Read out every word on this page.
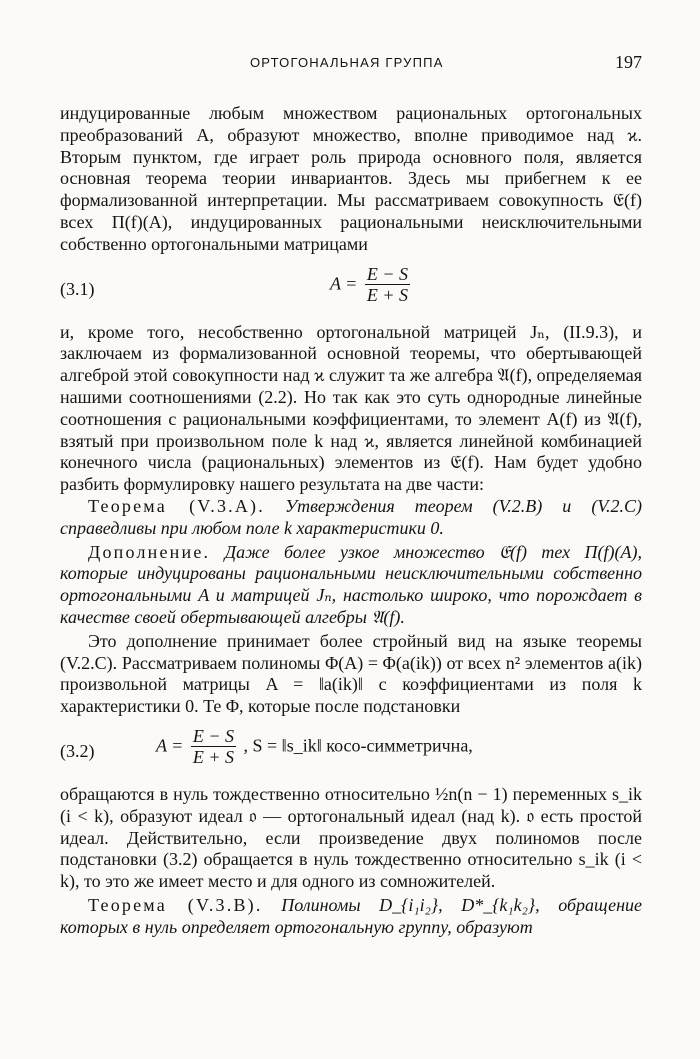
ОРТОГОНАЛЬНАЯ ГРУППА	197

индуцированные любым множеством рациональных ортогональных преобразований A, образуют множество, вполне приводимое над ϰ. Вторым пунктом, где играет роль природа основного поля, является основная теорема теории инвариантов. Здесь мы прибегнем к ее формализованной интерпретации. Мы рассматриваем совокупность 𝔈(f) всех Π(f)(A), индуцированных рациональными неисключительными собственно ортогональными матрицами

(3.1)	$A = \frac{E - S}{E + S}$

и, кроме того, несобственно ортогональной матрицей Jₙ, (II.9.3), и заключаем из формализованной основной теоремы, что обертывающей алгеброй этой совокупности над ϰ служит та же алгебра 𝔄(f), определяемая нашими соотношениями (2.2). Но так как это суть однородные линейные соотношения с рациональными коэффициентами, то элемент A(f) из 𝔄(f), взятый при произвольном поле k над ϰ, является линейной комбинацией конечного числа (рациональных) элементов из 𝔈(f). Нам будет удобно разбить формулировку нашего результата на две части:

Теорема (V.3.A). Утверждения теорем (V.2.B) и (V.2.C) справедливы при любом поле k характеристики 0.

Дополнение. Даже более узкое множество 𝔈(f) тех Π(f)(A), которые индуцированы рациональными неисключительными собственно ортогональными A и матрицей Jₙ, настолько широко, что порождает в качестве своей обертывающей алгебры 𝔄(f).

Это дополнение принимает более стройный вид на языке теоремы (V.2.C). Рассматриваем полиномы Φ(A) = Φ(a(ik)) от всех n² элементов a(ik) произвольной матрицы A = ‖a(ik)‖ с коэффициентами из поля k характеристики 0. Те Φ, которые после подстановки

(3.2)	$A = \frac{E - S}{E + S}$ , S = ‖s_ik‖ косо-симметрична,

обращаются в нуль тождественно относительно ½n(n − 1) переменных s_ik (i < k), образуют идеал 𝔬 — ортогональный идеал (над k). 𝔬 есть простой идеал. Действительно, если произведение двух полиномов после подстановки (3.2) обращается в нуль тождественно относительно s_ik (i < k), то это же имеет место и для одного из сомножителей.

Теорема (V.3.B). Полиномы D_{i₁i₂}, D*_{k₁k₂}, обращение которых в нуль определяет ортогональную группу, образуют
